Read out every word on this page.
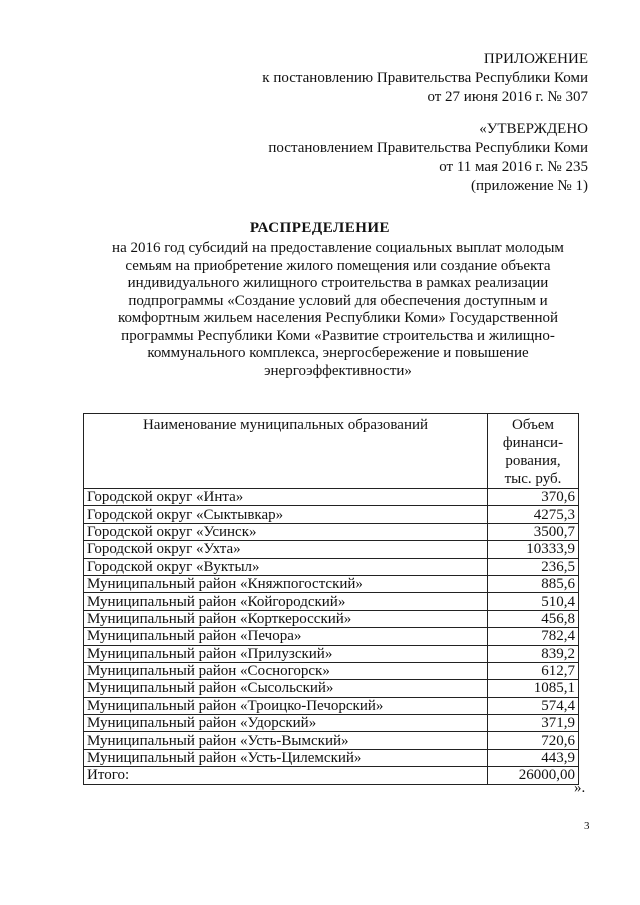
ПРИЛОЖЕНИЕ
к постановлению Правительства Республики Коми
от 27 июня 2016 г. № 307
«УТВЕРЖДЕНО
постановлением Правительства Республики Коми
от 11 мая 2016 г. № 235
(приложение № 1)
РАСПРЕДЕЛЕНИЕ
на 2016 год субсидий на предоставление социальных выплат молодым семьям на приобретение жилого помещения или создание объекта индивидуального жилищного строительства в рамках реализации подпрограммы «Создание условий для обеспечения доступным и комфортным жильем населения Республики Коми» Государственной программы Республики Коми «Развитие строительства и жилищно-коммунального комплекса, энергосбережение и повышение энергоэффективности»
Наименование муниципальных образований	Объем финанси-рования, тыс. руб.
Городской округ «Инта»	370,6
Городской округ «Сыктывкар»	4275,3
Городской округ «Усинск»	3500,7
Городской округ «Ухта»	10333,9
Городской округ «Вуктыл»	236,5
Муниципальный район «Княжпогостский»	885,6
Муниципальный район «Койгородский»	510,4
Муниципальный район «Корткеросский»	456,8
Муниципальный район «Печора»	782,4
Муниципальный район «Прилузский»	839,2
Муниципальный район «Сосногорск»	612,7
Муниципальный район «Сысольский»	1085,1
Муниципальный район «Троицко-Печорский»	574,4
Муниципальный район «Удорский»	371,9
Муниципальный район «Усть-Вымский»	720,6
Муниципальный район «Усть-Цилемский»	443,9
Итого:	26000,00
».
3
